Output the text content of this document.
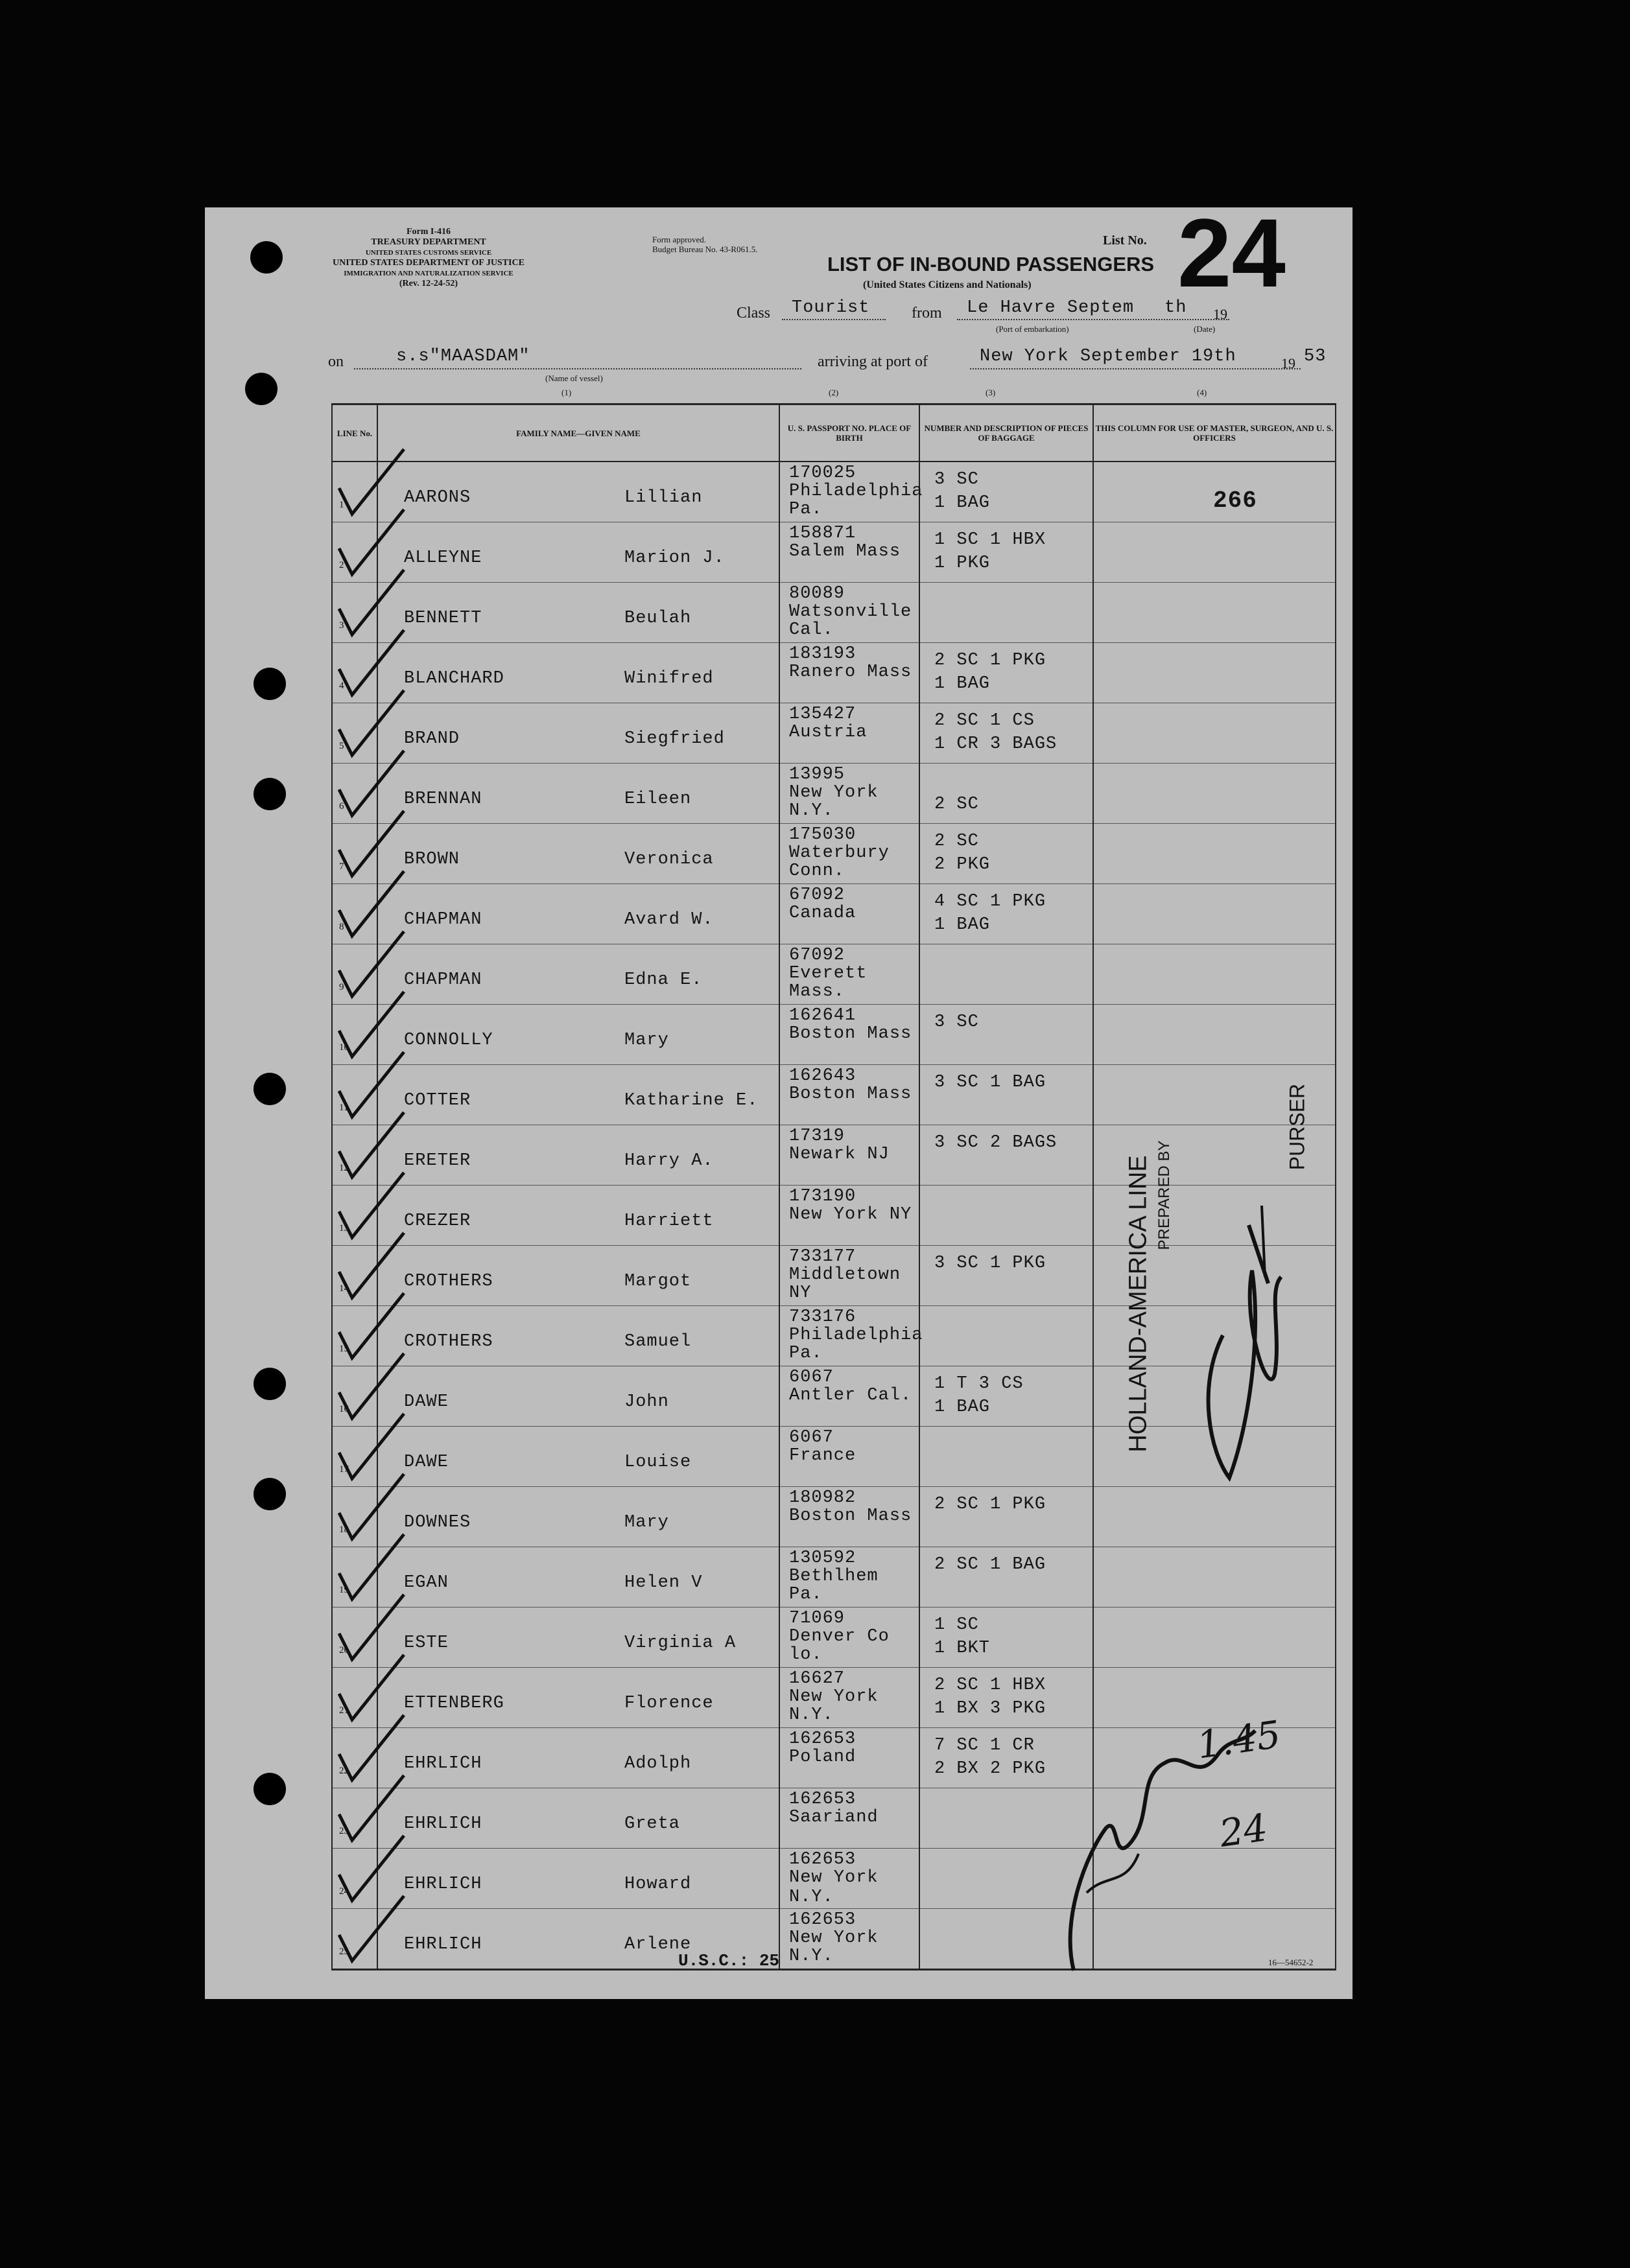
Form I-416
TREASURY DEPARTMENT
UNITED STATES CUSTOMS SERVICE
UNITED STATES DEPARTMENT OF JUSTICE
IMMIGRATION AND NATURALIZATION SERVICE
(Rev. 12-24-52)
Form approved.
Budget Bureau No. 43-R061.5.
List No. 24
LIST OF IN-BOUND PASSENGERS
(United States Citizens and Nationals)
Class Tourist	from Le Havre Septem th 19
(Port of embarkation)	(Date)
on	s.s"MAASDAM"
(Name of vessel)
arriving at port of	New York September 19th	19 53
(1)	(2)	(3)	(4)
LINE No.	FAMILY NAME—GIVEN NAME	U. S. PASSPORT NO. PLACE OF BIRTH	NUMBER AND DESCRIPTION OF PIECES OF BAGGAGE	THIS COLUMN FOR USE OF MASTER, SURGEON, AND U. S. OFFICERS

1	AARONS Lillian	170025
Philadelphia
Pa.	3 SC
1 BAG	

2	ALLEYNE Marion J.	158871
Salem Mass	1 SC 1 HBX
1 PKG	

3	BENNETT Beulah	80089
Watsonville
Cal.		

4	BLANCHARD Winifred	183193
Ranero Mass	2 SC 1 PKG
1 BAG	

5	BRAND Siegfried	135427
Austria	2 SC 1 CS
1 CR 3 BAGS	

6	BRENNAN Eileen	13995
New York
N.Y.	2 SC	

7	BROWN Veronica	175030
Waterbury
Conn.	2 SC
2 PKG	

8	CHAPMAN Avard W.	67092
Canada	4 SC 1 PKG
1 BAG	

9	CHAPMAN Edna E.	67092
Everett
Mass.		

10	CONNOLLY Mary	162641
Boston Mass	3 SC	

11	COTTER Katharine E.	162643
Boston Mass	3 SC 1 BAG	

12	ERETER Harry A.	17319
Newark NJ	3 SC 2 BAGS	

13	CREZER Harriett	173190
New York NY		

14	CROTHERS Margot	733177
Middletown
NY	3 SC 1 PKG	

15	CROTHERS Samuel	733176
Philadelphia
Pa.		

16	DAWE John	6067
Antler Cal.	1 T 3 CS
1 BAG	

17	DAWE Louise	6067
France		

18	DOWNES Mary	180982
Boston Mass	2 SC 1 PKG	

19	EGAN Helen V	130592
Bethlhem
Pa.	2 SC 1 BAG	

20	ESTE Virginia A	71069
Denver Co
lo.	1 SC
1 BKT	

21	ETTENBERG Florence	16627
New York
N.Y.	2 SC 1 HBX
1 BX 3 PKG	

22	EHRLICH Adolph	162653
Poland	7 SC 1 CR
2 BX 2 PKG	

23	EHRLICH Greta	162653
Saariand		

24	EHRLICH Howard	162653
New York N.Y.		

25	EHRLICH Arlene	162653
New York
N.Y.		

266
HOLLAND-AMERICA LINE PREPARED BY
PURSER
1.45
24
U.S.C.: 25	16—54652-2
